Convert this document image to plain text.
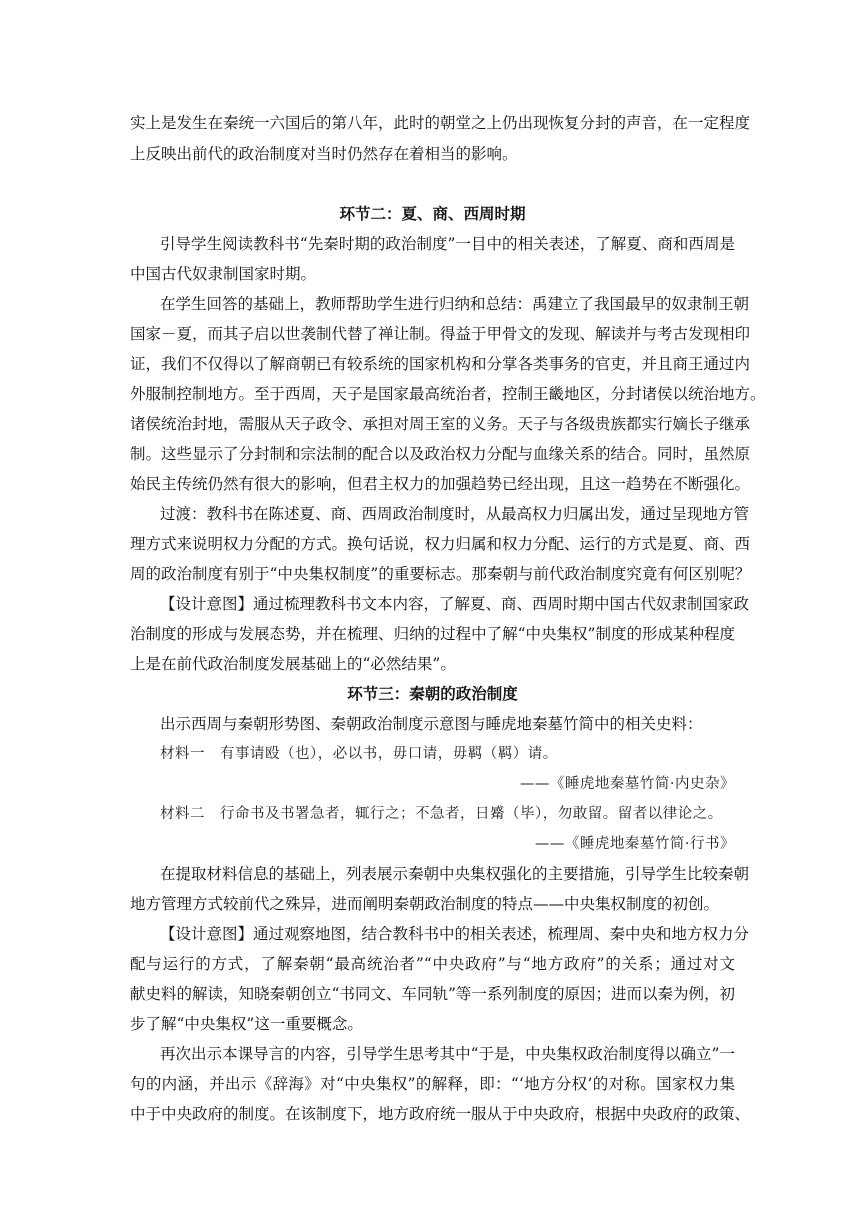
实上是发生在秦统一六国后的第八年，此时的朝堂之上仍出现恢复分封的声音，在一定程度
上反映出前代的政治制度对当时仍然存在着相当的影响。
环节二：夏、商、西周时期
引导学生阅读教科书“先秦时期的政治制度”一目中的相关表述，了解夏、商和西周是
中国古代奴隶制国家时期。
在学生回答的基础上，教师帮助学生进行归纳和总结：禹建立了我国最早的奴隶制王朝
国家－夏，而其子启以世袭制代替了禅让制。得益于甲骨文的发现、解读并与考古发现相印
证，我们不仅得以了解商朝已有较系统的国家机构和分掌各类事务的官吏，并且商王通过内
外服制控制地方。至于西周，天子是国家最高统治者，控制王畿地区，分封诸侯以统治地方。
诸侯统治封地，需服从天子政令、承担对周王室的义务。天子与各级贵族都实行嫡长子继承
制。这些显示了分封制和宗法制的配合以及政治权力分配与血缘关系的结合。同时，虽然原
始民主传统仍然有很大的影响，但君主权力的加强趋势已经出现，且这一趋势在不断强化。
过渡：教科书在陈述夏、商、西周政治制度时，从最高权力归属出发，通过呈现地方管
理方式来说明权力分配的方式。换句话说，权力归属和权力分配、运行的方式是夏、商、西
周的政治制度有别于“中央集权制度”的重要标志。那秦朝与前代政治制度究竟有何区别呢？
【设计意图】通过梳理教科书文本内容，了解夏、商、西周时期中国古代奴隶制国家政
治制度的形成与发展态势，并在梳理、归纳的过程中了解“中央集权”制度的形成某种程度
上是在前代政治制度发展基础上的“必然结果”。
环节三：秦朝的政治制度
出示西周与秦朝形势图、秦朝政治制度示意图与睡虎地秦墓竹简中的相关史料：
材料一　有事请殴（也），必以书，毋口请，毋羁（羁）请。
——《睡虎地秦墓竹简·内史杂》
材料二　行命书及书署急者，辄行之；不急者，日觱（毕），勿敢留。留者以律论之。
——《睡虎地秦墓竹简·行书》
在提取材料信息的基础上，列表展示秦朝中央集权强化的主要措施，引导学生比较秦朝
地方管理方式较前代之殊异，进而阐明秦朝政治制度的特点——中央集权制度的初创。
【设计意图】通过观察地图，结合教科书中的相关表述，梳理周、秦中央和地方权力分
配与运行的方式，了解秦朝“最高统治者”“中央政府”与“地方政府”的关系；通过对文
献史料的解读，知晓秦朝创立“书同文、车同轨”等一系列制度的原因；进而以秦为例，初
步了解“中央集权”这一重要概念。
再次出示本课导言的内容，引导学生思考其中“于是，中央集权政治制度得以确立”一
句的内涵，并出示《辞海》对“中央集权”的解释，即：“‘地方分权’的对称。国家权力集
中于中央政府的制度。在该制度下，地方政府统一服从于中央政府，根据中央政府的政策、
